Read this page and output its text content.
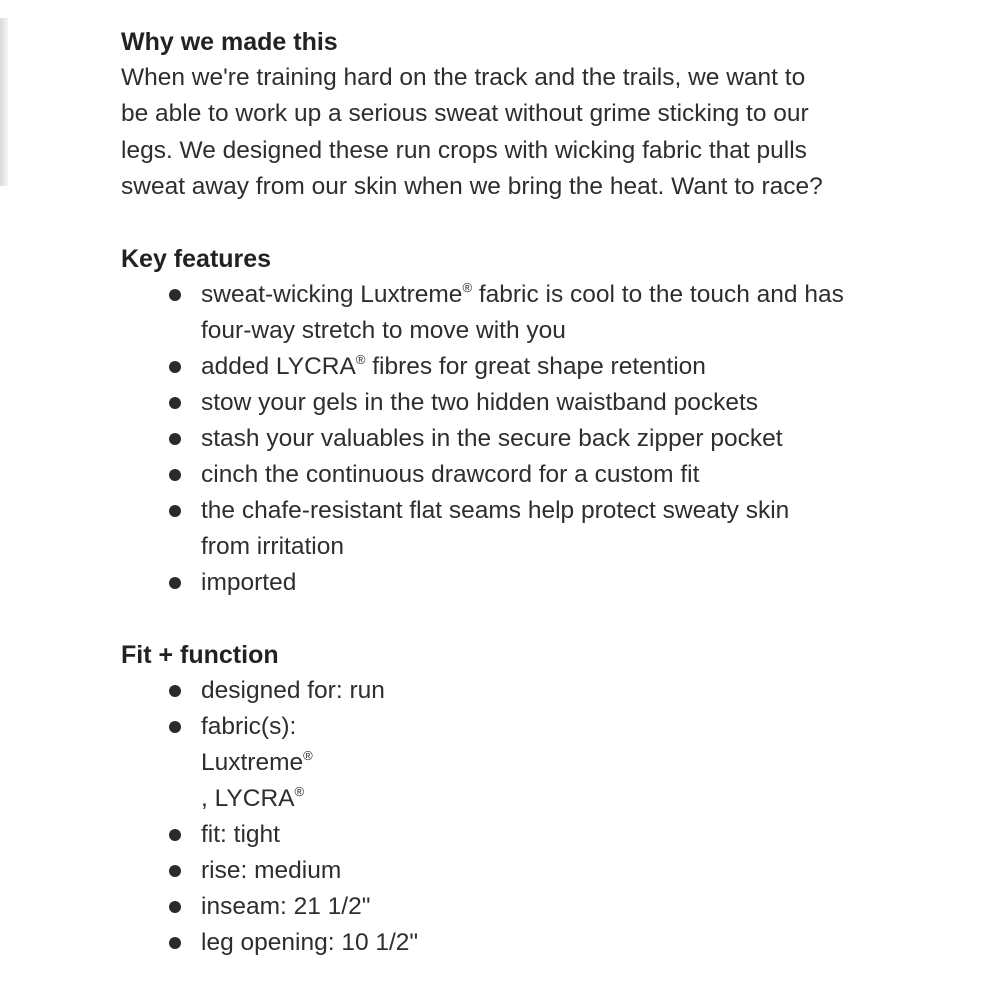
Why we made this

When we're training hard on the track and the trails, we want to
be able to work up a serious sweat without grime sticking to our
legs. We designed these run crops with wicking fabric that pulls
sweat away from our skin when we bring the heat. Want to race?

Key features
sweat-wicking Luxtreme® fabric is cool to the touch and has
four-way stretch to move with you
added LYCRA® fibres for great shape retention
stow your gels in the two hidden waistband pockets
stash your valuables in the secure back zipper pocket
cinch the continuous drawcord for a custom fit
the chafe-resistant flat seams help protect sweaty skin
from irritation
imported
Fit + function
designed for: run
fabric(s):
Luxtreme®
, LYCRA®
fit: tight
rise: medium
inseam: 21 1/2"
leg opening: 10 1/2"
